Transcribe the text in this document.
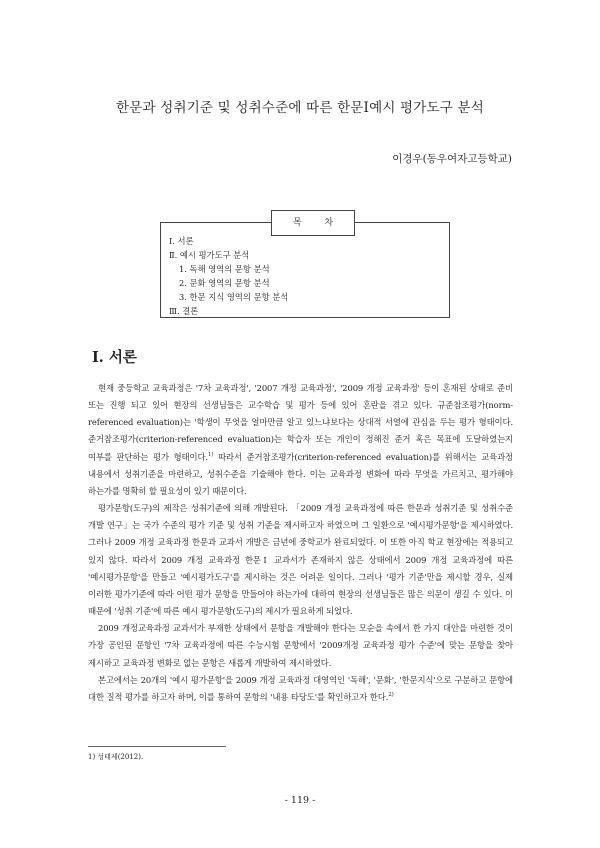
한문과 성취기준 및 성취수준에 따른 한문Ⅰ예시 평가도구 분석
이경우(동우여자고등학교)
목 차
Ⅰ. 서론
Ⅱ. 예시 평가도구 분석
1. 독해 영역의 문항 분석
2. 문화 영역의 문항 분석
3. 한문 지식 영역의 문항 분석
Ⅲ. 결론
Ⅰ. 서론

현재 중등학교 교육과정은 '7차 교육과정', '2007 개정 교육과정', '2009 개정 교육과정' 등이 혼재된 상태로 준비 또는 진행 되고 있어 현장의 선생님들은 교수학습 및 평가 등에 있어 혼란을 겪고 있다. 규준참조평가(norm-referenced evaluation)는 '학생이 무엇을 얼마만큼 알고 있느냐보다는 상대적 서열에 관심을 두는 평가 형태이다. 준거참조평가(criterion-referenced evaluation)는 학습자 또는 개인이 정해진 준거 혹은 목표에 도달하였는지 여부를 판단하는 평가 형태이다.$^{1)}$ 따라서 준거참조평가(criterion-referenced evaluation)를 위해서는 교육과정 내용에서 성취기준을 마련하고, 성취수준을 기술해야 한다. 이는 교육과정 변화에 따라 무엇을 가르치고, 평가해야 하는가를 명확히 할 필요성이 있기 때문이다.

평가문항(도구)의 제작은 성취기준에 의해 개발된다. 「2009 개정 교육과정에 따른 한문과 성취기준 및 성취수준 개발 연구」는 국가 수준의 평가 기준 및 성취 기준을 제시하고자 하였으며 그 일환으로 '예시평가문항'을 제시하였다. 그러나 2009 개정 교육과정 한문과 교과서 개발은 금년에 중학교가 완료되었다. 이 또한 아직 학교 현장에는 적용되고 있지 않다. 따라서 2009 개정 교육과정 한문Ⅰ 교과서가 존재하지 않은 상태에서 2009 개정 교육과정에 따른 '예시평가문항'을 만들고 '예시평가도구'를 제시하는 것은 어려운 일이다. 그러나 '평가 기준'만을 제시할 경우, 실제 이러한 평가기준에 따라 어떤 평가 문항을 만들어야 하는가에 대하여 현장의 선생님들은 많은 의문이 생길 수 있다. 이 때문에 '성취 기준'에 따른 예시 평가문항(도구)의 제시가 필요하게 되었다.

2009 개정교육과정 교과서가 부재한 상태에서 문항을 개발해야 한다는 모순을 속에서 한 가지 대안을 마련한 것이 가장 공인된 문항인 '7차 교육과정에 따른 수능시험 문항에서 '2009개정 교육과정 평가 수준'에 맞는 문항을 찾아 제시하고 교육과정 변화로 없는 문항은 새롭게 개발하여 제시하였다.

본고에서는 20개의 '예시 평가문항'을 2009 개정 교육과정 대영역인 '독해', '문화', '한문지식'으로 구분하고 문항에 대한 질적 평가를 하고자 하며, 이를 통하여 문항의 '내용 타당도'를 확인하고자 한다.$^{2)}$

1) 성태제(2012).
- 119 -
